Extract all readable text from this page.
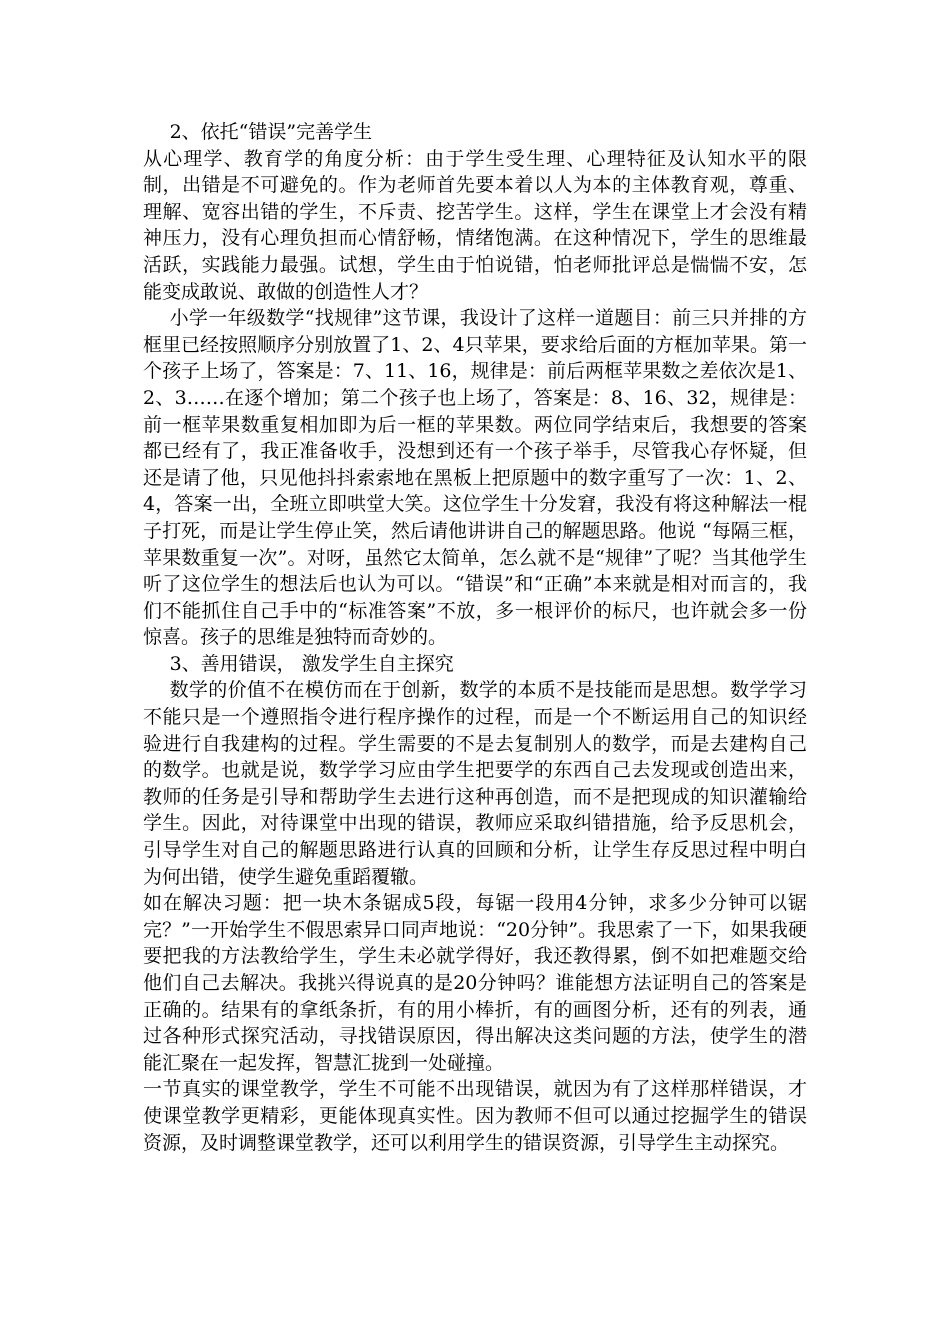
2、依托“错误”完善学生

从心理学、教育学的角度分析：由于学生受生理、心理特征及认知水平的限制，出错是不可避免的。作为老师首先要本着以人为本的主体教育观，尊重、理解、宽容出错的学生，不斥责、挖苦学生。这样，学生在课堂上才会没有精神压力，没有心理负担而心情舒畅，情绪饱满。在这种情况下，学生的思维最活跃，实践能力最强。试想，学生由于怕说错，怕老师批评总是惴惴不安，怎能变成敢说、敢做的创造性人才？

小学一年级数学“找规律”这节课，我设计了这样一道题目：前三只并排的方框里已经按照顺序分别放置了1、2、4只苹果，要求给后面的方框加苹果。第一个孩子上场了，答案是：7、11、16，规律是：前后两框苹果数之差依次是1、2、3……在逐个增加；第二个孩子也上场了，答案是：8、16、32，规律是：前一框苹果数重复相加即为后一框的苹果数。两位同学结束后，我想要的答案都已经有了，我正准备收手，没想到还有一个孩子举手，尽管我心存怀疑，但还是请了他，只见他抖抖索索地在黑板上把原题中的数字重写了一次：1、2、 4，答案一出，全班立即哄堂大笑。这位学生十分发窘，我没有将这种解法一棍子打死，而是让学生停止笑，然后请他讲讲自己的解题思路。他说 “每隔三框，苹果数重复一次”。对呀，虽然它太简单，怎么就不是“规律”了呢？当其他学生听了这位学生的想法后也认为可以。“错误”和“正确”本来就是相对而言的，我们不能抓住自己手中的“标准答案”不放，多一根评价的标尺，也许就会多一份惊喜。孩子的思维是独特而奇妙的。

3、善用错误， 激发学生自主探究

数学的价值不在模仿而在于创新，数学的本质不是技能而是思想。数学学习不能只是一个遵照指令进行程序操作的过程，而是一个不断运用自己的知识经验进行自我建构的过程。学生需要的不是去复制别人的数学，而是去建构自己的数学。也就是说，数学学习应由学生把要学的东西自己去发现或创造出来，教师的任务是引导和帮助学生去进行这种再创造，而不是把现成的知识灌输给学生。因此，对待课堂中出现的错误，教师应采取纠错措施，给予反思机会，引导学生对自己的解题思路进行认真的回顾和分析，让学生存反思过程中明白为何出错，使学生避免重蹈覆辙。

如在解决习题：把一块木条锯成5段，每锯一段用4分钟，求多少分钟可以锯完？”一开始学生不假思索异口同声地说：“20分钟”。我思索了一下，如果我硬要把我的方法教给学生，学生未必就学得好，我还教得累，倒不如把难题交给他们自己去解决。我挑兴得说真的是20分钟吗？谁能想方法证明自己的答案是正确的。结果有的拿纸条折，有的用小棒折，有的画图分析，还有的列表，通过各种形式探究活动，寻找错误原因，得出解决这类问题的方法，使学生的潜能汇聚在一起发挥，智慧汇拢到一处碰撞。

一节真实的课堂教学，学生不可能不出现错误，就因为有了这样那样错误，才使课堂教学更精彩，更能体现真实性。因为教师不但可以通过挖掘学生的错误资源，及时调整课堂教学，还可以利用学生的错误资源，引导学生主动探究。
